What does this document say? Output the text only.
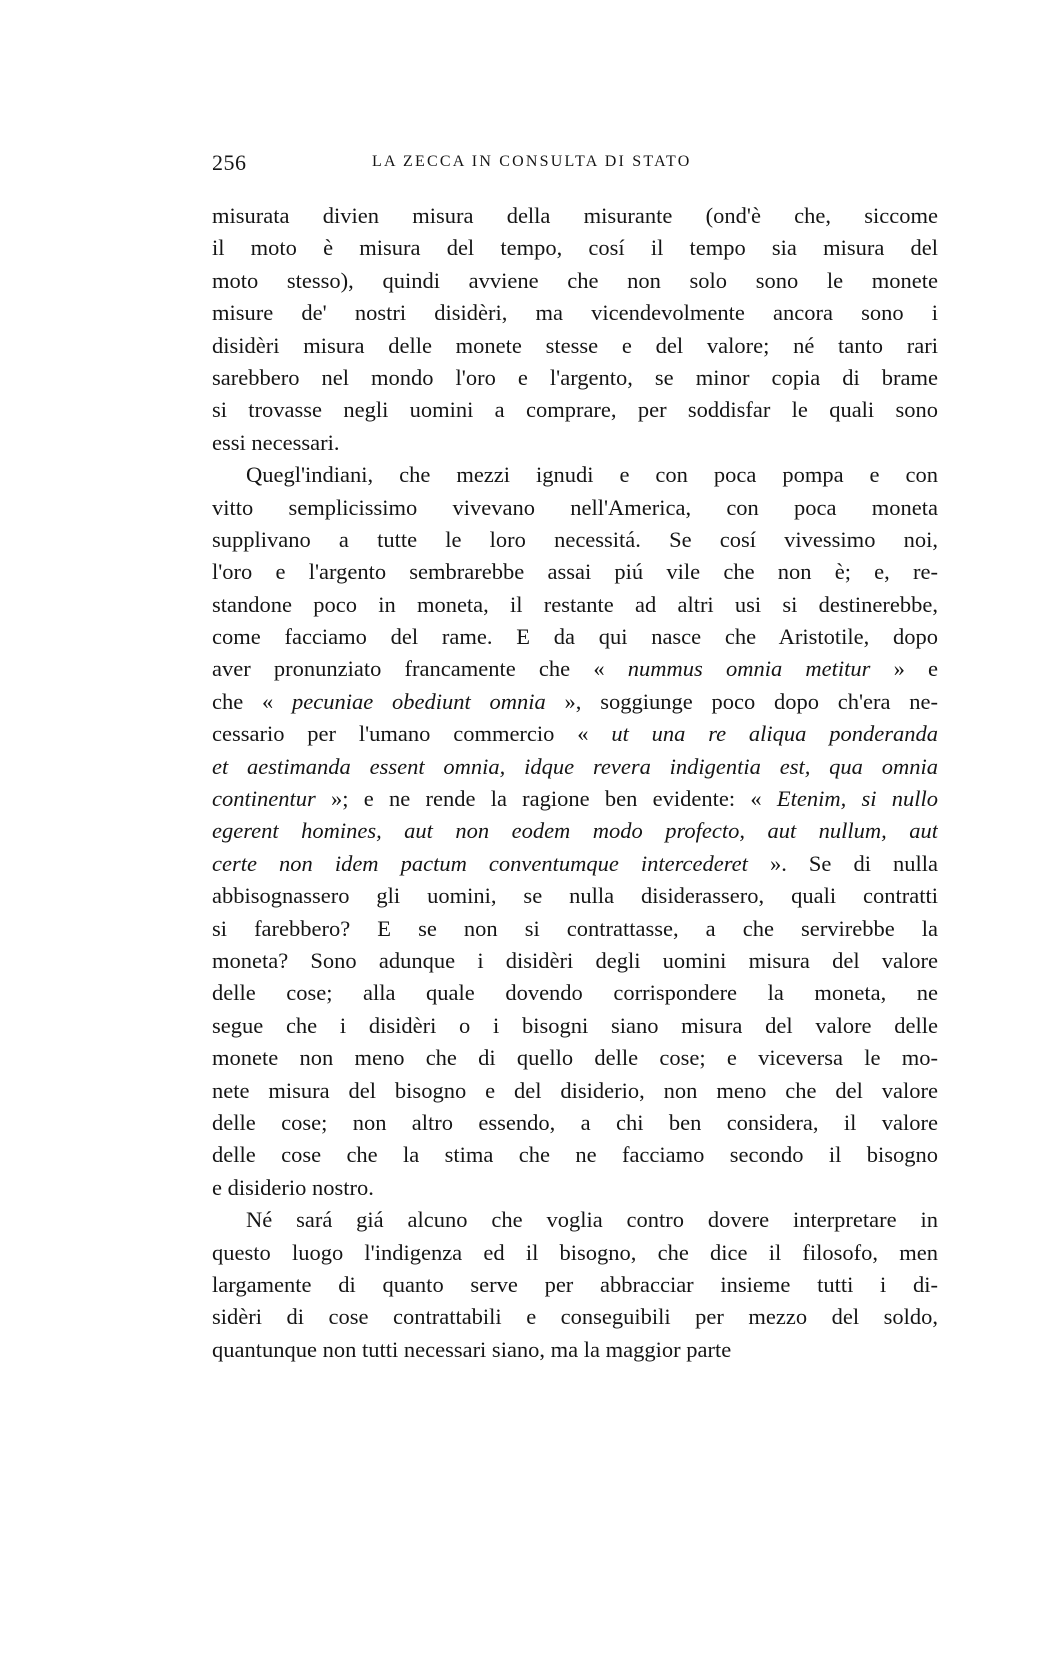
256	LA ZECCA IN CONSULTA DI STATO
misurata divien misura della misurante (ond'è che, siccome
il moto è misura del tempo, cosí il tempo sia misura del
moto stesso), quindi avviene che non solo sono le monete
misure de' nostri disidèri, ma vicendevolmente ancora sono i
disidèri misura delle monete stesse e del valore; né tanto rari
sarebbero nel mondo l'oro e l'argento, se minor copia di brame
si trovasse negli uomini a comprare, per soddisfar le quali sono
essi necessari.
Quegl'indiani, che mezzi ignudi e con poca pompa e con
vitto semplicissimo vivevano nell'America, con poca moneta
supplivano a tutte le loro necessitá. Se cosí vivessimo noi,
l'oro e l'argento sembrarebbe assai piú vile che non è; e, re-
standone poco in moneta, il restante ad altri usi si destinerebbe,
come facciamo del rame. E da qui nasce che Aristotile, dopo
aver pronunziato francamente che « nummus omnia metitur » e
che « pecuniae obediunt omnia », soggiunge poco dopo ch'era ne-
cessario per l'umano commercio « ut una re aliqua ponderanda
et aestimanda essent omnia, idque revera indigentia est, qua omnia
continentur »; e ne rende la ragione ben evidente: « Etenim, si nullo
egerent homines, aut non eodem modo profecto, aut nullum, aut
certe non idem pactum conventumque intercederet ». Se di nulla
abbisognassero gli uomini, se nulla disiderassero, quali contratti
si farebbero? E se non si contrattasse, a che servirebbe la
moneta? Sono adunque i disidèri degli uomini misura del valore
delle cose; alla quale dovendo corrispondere la moneta, ne
segue che i disidèri o i bisogni siano misura del valore delle
monete non meno che di quello delle cose; e viceversa le mo-
nete misura del bisogno e del disiderio, non meno che del valore
delle cose; non altro essendo, a chi ben considera, il valore
delle cose che la stima che ne facciamo secondo il bisogno
e disiderio nostro.
Né sará giá alcuno che voglia contro dovere interpretare in
questo luogo l'indigenza ed il bisogno, che dice il filosofo, men
largamente di quanto serve per abbracciar insieme tutti i di-
sidèri di cose contrattabili e conseguibili per mezzo del soldo,
quantunque non tutti necessari siano, ma la maggior parte
